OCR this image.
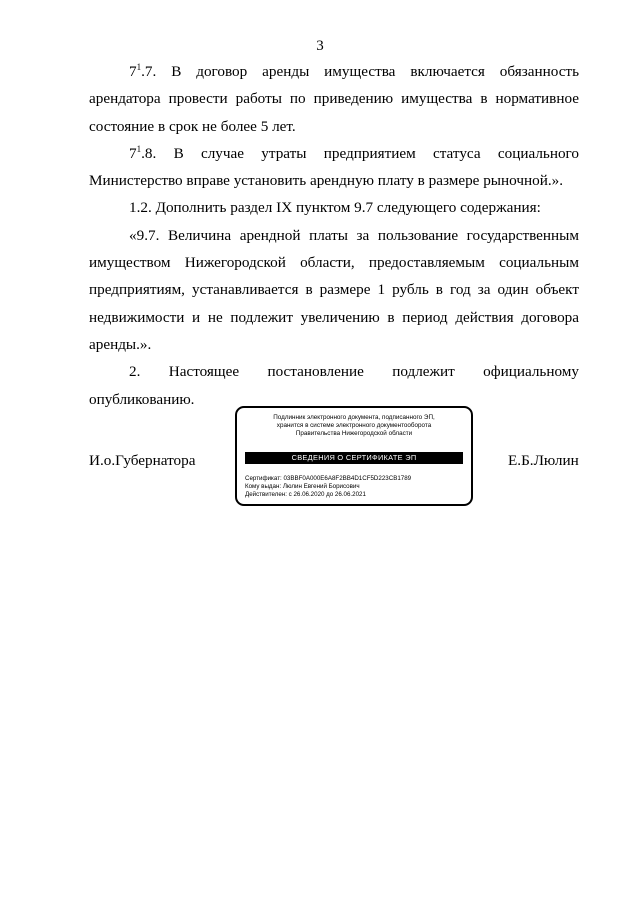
3

$7^1.7$. В договор аренды имущества включается обязанность арендатора провести работы по приведению имущества в нормативное состояние в срок не более 5 лет.

$7^1.8$. В случае утраты предприятием статуса социального Министерство вправе установить арендную плату в размере рыночной.».

1.2. Дополнить раздел IX пунктом 9.7 следующего содержания:

«9.7. Величина арендной платы за пользование государственным имуществом Нижегородской области, предоставляемым социальным предприятиям, устанавливается в размере 1 рубль в год за один объект недвижимости и не подлежит увеличению в период действия договора аренды.».

2. Настоящее постановление подлежит официальному опубликованию.

И.о.Губернатора
Подлинник электронного документа, подписанного ЭП,
хранится в системе электронного документооборота
Правительства Нижегородской области
СВЕДЕНИЯ О СЕРТИФИКАТЕ ЭП
Сертификат: 03BBF0A000E6A8F2BB4D1CF5D223CB1789
Кому выдан: Люлин Евгений Борисович
Действителен: с 26.06.2020 до 26.06.2021
Е.Б.Люлин
